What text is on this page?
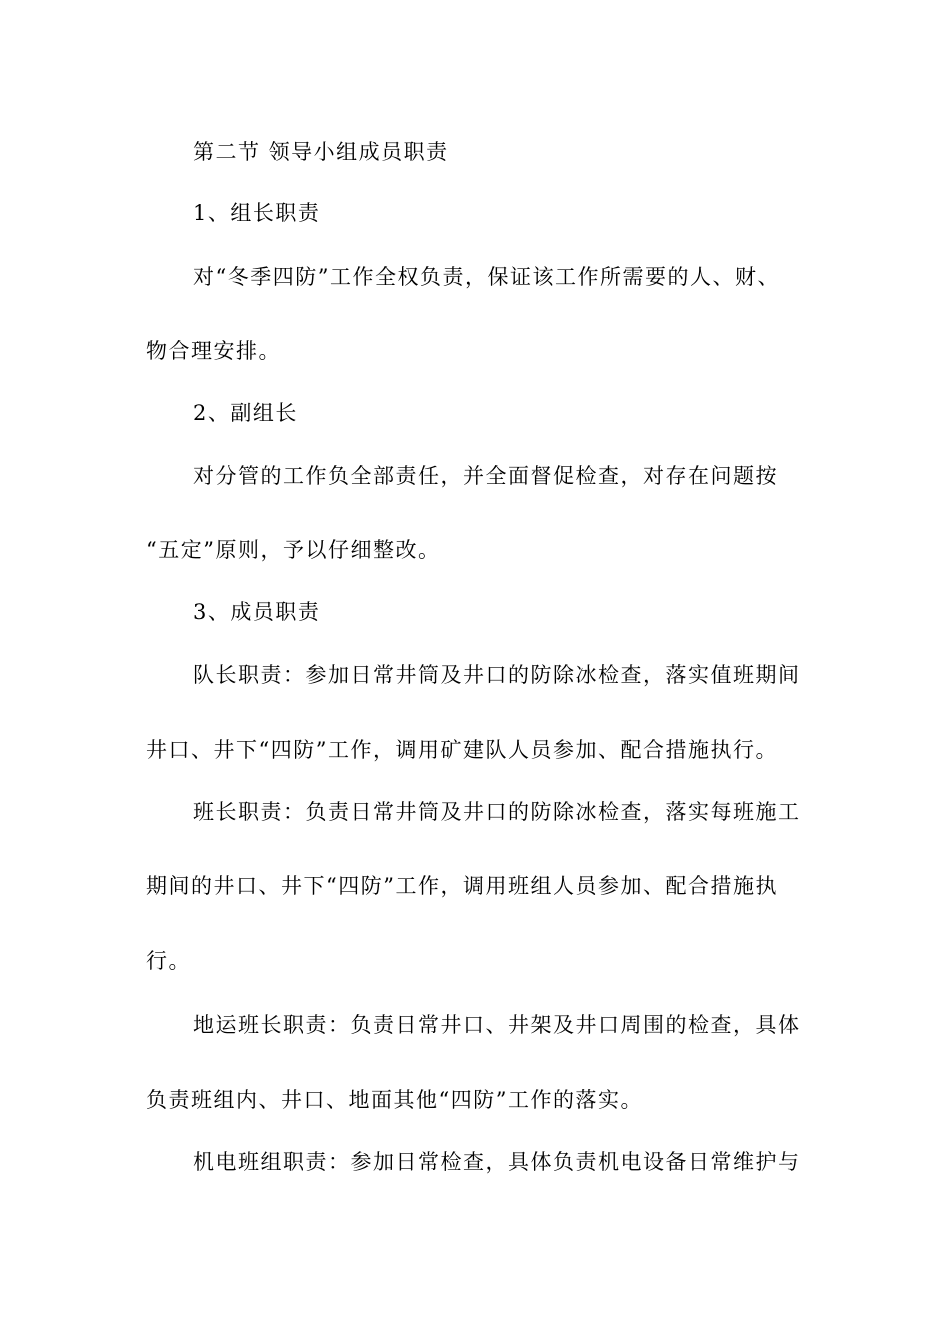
第二节 领导小组成员职责
1、组长职责
对“冬季四防”工作全权负责，保证该工作所需要的人、财、
物合理安排。
2、副组长
对分管的工作负全部责任，并全面督促检查，对存在问题按
“五定”原则，予以仔细整改。
3、成员职责
队长职责：参加日常井筒及井口的防除冰检查，落实值班期间
井口、井下“四防”工作，调用矿建队人员参加、配合措施执行。
班长职责：负责日常井筒及井口的防除冰检查，落实每班施工
期间的井口、井下“四防”工作，调用班组人员参加、配合措施执
行。
地运班长职责：负责日常井口、井架及井口周围的检查，具体
负责班组内、井口、地面其他“四防”工作的落实。
机电班组职责：参加日常检查，具体负责机电设备日常维护与
